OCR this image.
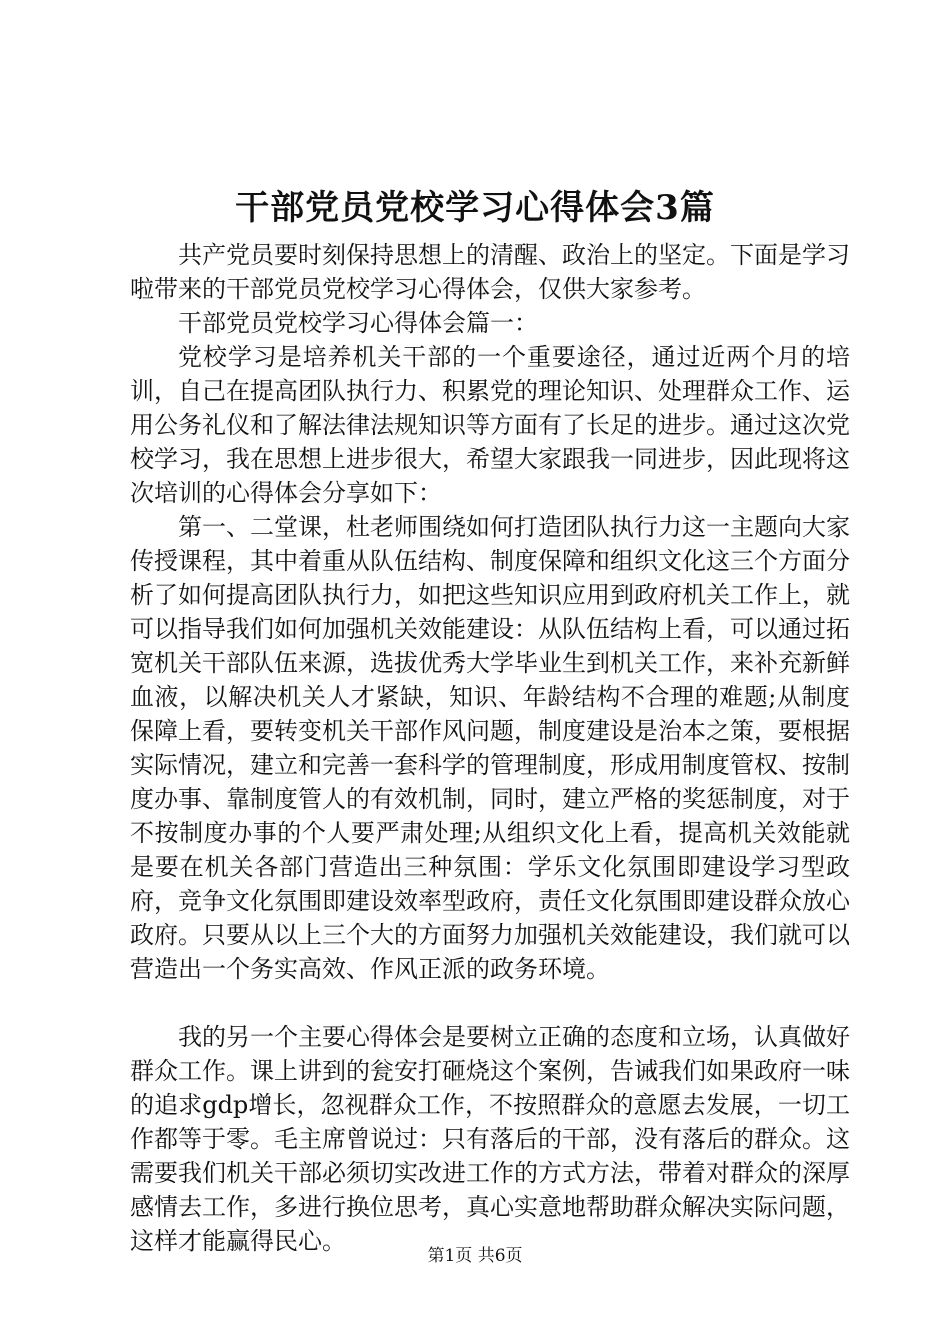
干部党员党校学习心得体会3篇

共产党员要时刻保持思想上的清醒、政治上的坚定。下面是学习啦带来的干部党员党校学习心得体会，仅供大家参考。

干部党员党校学习心得体会篇一：

党校学习是培养机关干部的一个重要途径，通过近两个月的培训，自己在提高团队执行力、积累党的理论知识、处理群众工作、运用公务礼仪和了解法律法规知识等方面有了长足的进步。通过这次党校学习，我在思想上进步很大，希望大家跟我一同进步，因此现将这次培训的心得体会分享如下：

第一、二堂课，杜老师围绕如何打造团队执行力这一主题向大家传授课程，其中着重从队伍结构、制度保障和组织文化这三个方面分析了如何提高团队执行力，如把这些知识应用到政府机关工作上，就可以指导我们如何加强机关效能建设：从队伍结构上看，可以通过拓宽机关干部队伍来源，选拔优秀大学毕业生到机关工作，来补充新鲜血液，以解决机关人才紧缺，知识、年龄结构不合理的难题;从制度保障上看，要转变机关干部作风问题，制度建设是治本之策，要根据实际情况，建立和完善一套科学的管理制度，形成用制度管权、按制度办事、靠制度管人的有效机制，同时，建立严格的奖惩制度，对于不按制度办事的个人要严肃处理;从组织文化上看，提高机关效能就是要在机关各部门营造出三种氛围：学乐文化氛围即建设学习型政府，竞争文化氛围即建设效率型政府，责任文化氛围即建设群众放心政府。只要从以上三个大的方面努力加强机关效能建设，我们就可以营造出一个务实高效、作风正派的政务环境。

我的另一个主要心得体会是要树立正确的态度和立场，认真做好群众工作。课上讲到的瓮安打砸烧这个案例，告诫我们如果政府一味的追求gdp增长，忽视群众工作，不按照群众的意愿去发展，一切工作都等于零。毛主席曾说过：只有落后的干部，没有落后的群众。这需要我们机关干部必须切实改进工作的方式方法，带着对群众的深厚感情去工作，多进行换位思考，真心实意地帮助群众解决实际问题，这样才能赢得民心。

第1页 共6页
